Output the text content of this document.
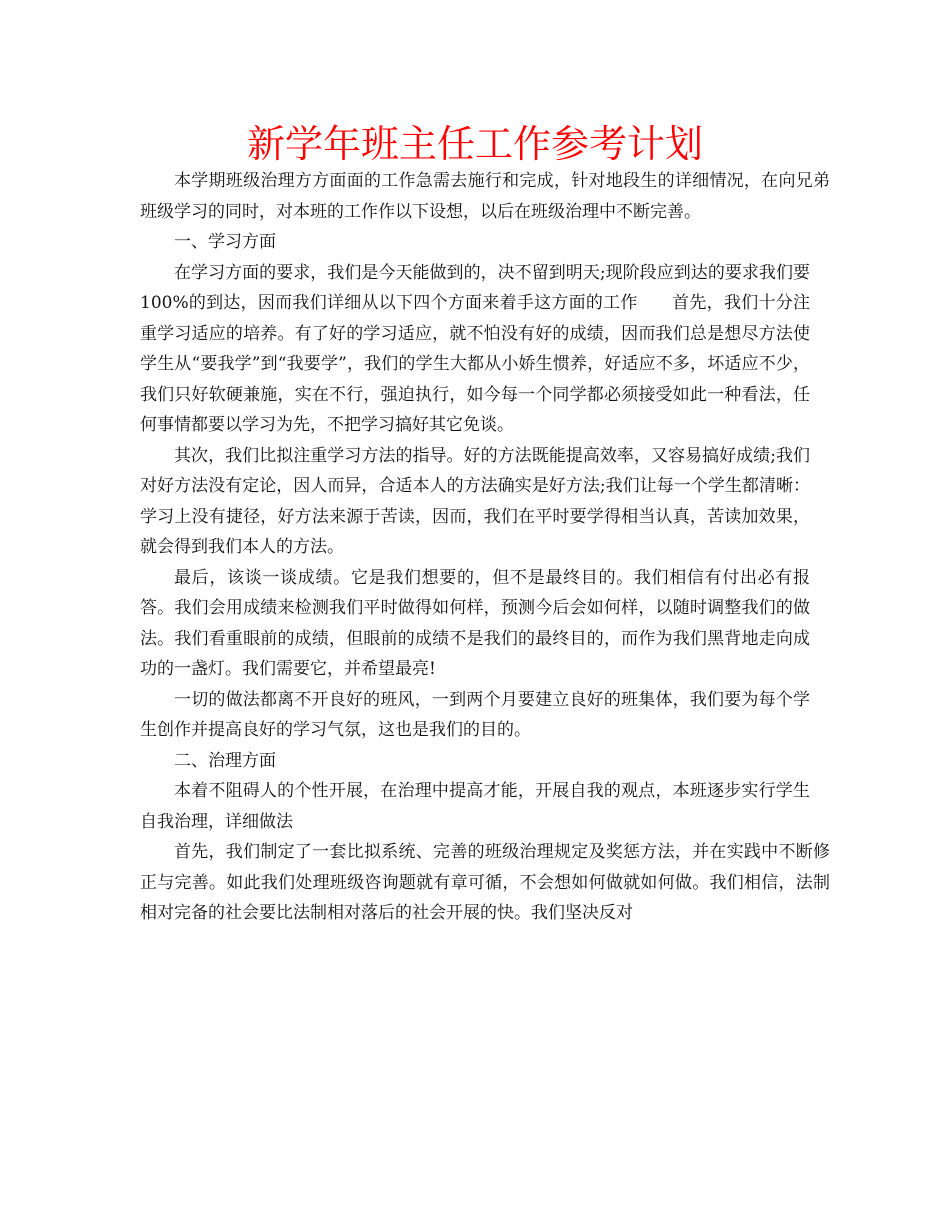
新学年班主任工作参考计划

本学期班级治理方方面面的工作急需去施行和完成，针对地段生的详细情况，在向兄弟班级学习的同时，对本班的工作作以下设想，以后在班级治理中不断完善。

一、学习方面

在学习方面的要求，我们是今天能做到的，决不留到明天;现阶段应到达的要求我们要100%的到达，因而我们详细从以下四个方面来着手这方面的工作　　首先，我们十分注重学习适应的培养。有了好的学习适应，就不怕没有好的成绩，因而我们总是想尽方法使学生从“要我学”到“我要学”，我们的学生大都从小娇生惯养，好适应不多，坏适应不少，我们只好软硬兼施，实在不行，强迫执行，如今每一个同学都必须接受如此一种看法，任何事情都要以学习为先，不把学习搞好其它免谈。

其次，我们比拟注重学习方法的指导。好的方法既能提高效率，又容易搞好成绩;我们对好方法没有定论，因人而异，合适本人的方法确实是好方法;我们让每一个学生都清晰：学习上没有捷径，好方法来源于苦读，因而，我们在平时要学得相当认真，苦读加效果，就会得到我们本人的方法。

最后，该谈一谈成绩。它是我们想要的，但不是最终目的。我们相信有付出必有报答。我们会用成绩来检测我们平时做得如何样，预测今后会如何样，以随时调整我们的做法。我们看重眼前的成绩，但眼前的成绩不是我们的最终目的，而作为我们黑背地走向成功的一盏灯。我们需要它，并希望最亮!

一切的做法都离不开良好的班风，一到两个月要建立良好的班集体，我们要为每个学生创作并提高良好的学习气氛，这也是我们的目的。

二、治理方面

本着不阻碍人的个性开展，在治理中提高才能，开展自我的观点，本班逐步实行学生自我治理，详细做法

首先，我们制定了一套比拟系统、完善的班级治理规定及奖惩方法，并在实践中不断修正与完善。如此我们处理班级咨询题就有章可循，不会想如何做就如何做。我们相信，法制相对完备的社会要比法制相对落后的社会开展的快。我们坚决反对
